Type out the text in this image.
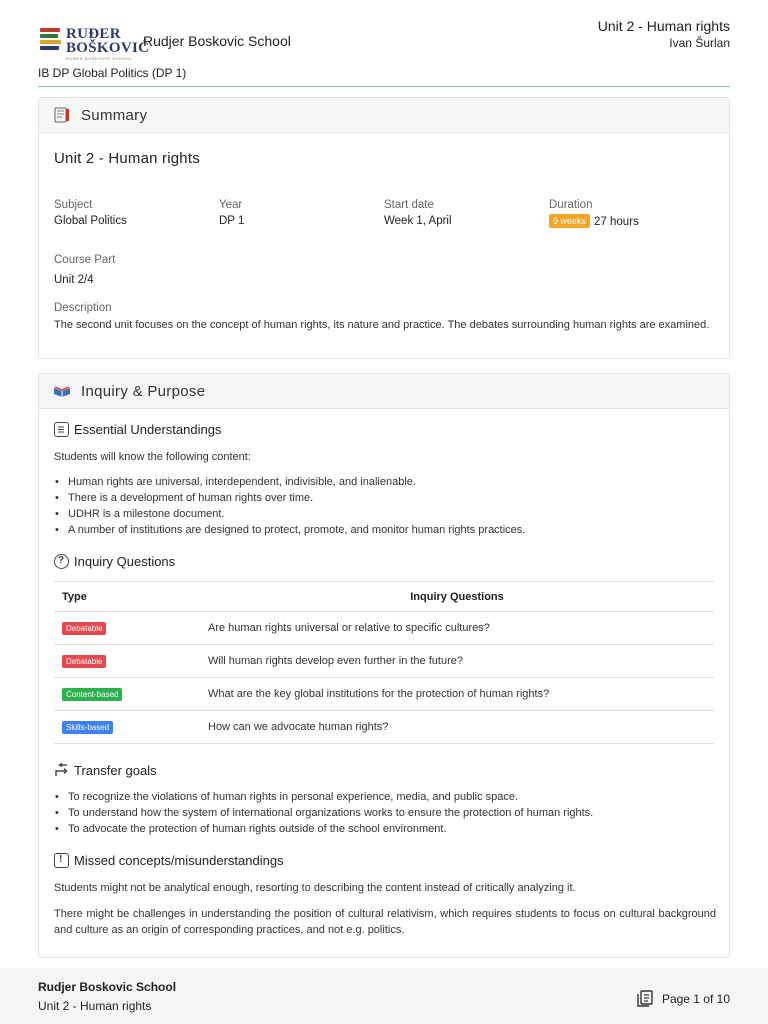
RUĐER
BOŠKOVIĆ
RUĐER BOŠKOVIĆ SCHOOL
Rudjer Boskovic School
Unit 2 - Human rights
Ivan Šurlan
IB DP Global Politics (DP 1)
Summary
Unit 2 - Human rights
Subject
Global Politics
Year
DP 1
Start date
Week 1, April
Duration
9 weeks 27 hours
Course Part
Unit 2/4
Description
The second unit focuses on the concept of human rights, its nature and practice. The debates surrounding human rights are examined.
Inquiry & Purpose
Essential Understandings
Students will know the following content:
• Human rights are universal, interdependent, indivisible, and inalienable.
• There is a development of human rights over time.
• UDHR is a milestone document.
• A number of institutions are designed to protect, promote, and monitor human rights practices.
? Inquiry Questions
Type	Inquiry Questions
Debatable	Are human rights universal or relative to specific cultures?
Debatable	Will human rights develop even further in the future?
Content-based	What are the key global institutions for the protection of human rights?
Skills-based	How can we advocate human rights?
Transfer goals
• To recognize the violations of human rights in personal experience, media, and public space.
• To understand how the system of international organizations works to ensure the protection of human rights.
• To advocate the protection of human rights outside of the school environment.
! Missed concepts/misunderstandings
Students might not be analytical enough, resorting to describing the content instead of critically analyzing it.
There might be challenges in understanding the position of cultural relativism, which requires students to focus on cultural background and culture as an origin of corresponding practices, and not e.g. politics.
Rudjer Boskovic School
Unit 2 - Human rights
Page 1 of 10
